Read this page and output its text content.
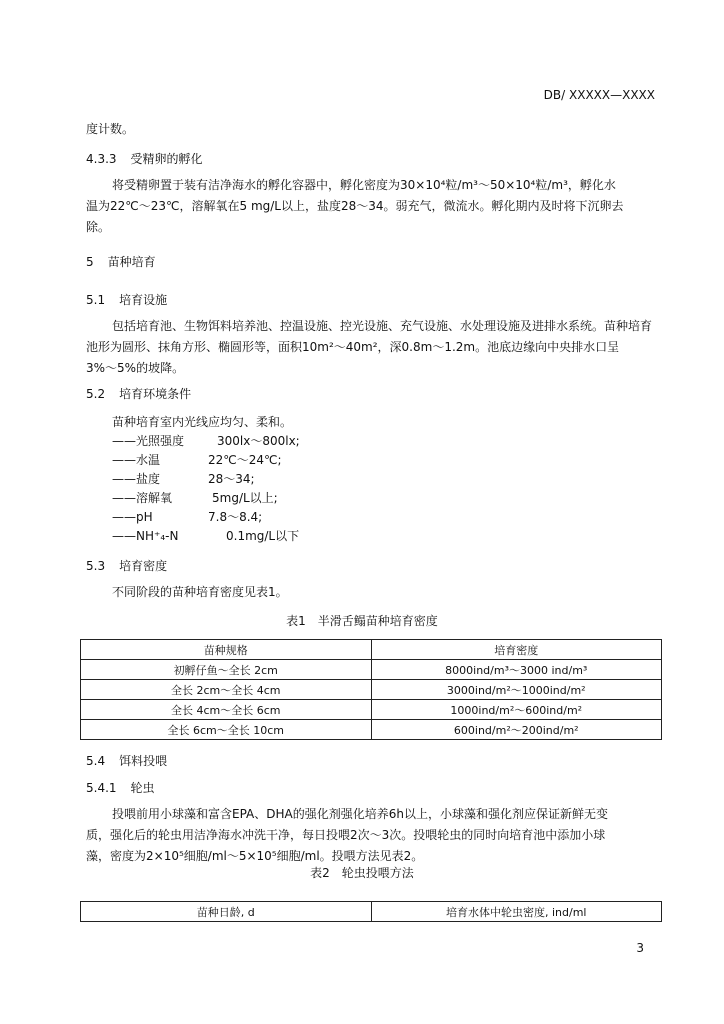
DB/ XXXXX—XXXX
度计数。
4.3.3 受精卵的孵化
将受精卵置于装有洁净海水的孵化容器中，孵化密度为30×10⁴粒/m³～50×10⁴粒/m³，孵化水
温为22℃～23℃，溶解氧在5 mg/L以上，盐度28～34。弱充气，微流水。孵化期内及时将下沉卵去
除。
5 苗种培育
5.1 培育设施
包括培育池、生物饵料培养池、控温设施、控光设施、充气设施、水处理设施及进排水系统。苗种培育
池形为圆形、抹角方形、椭圆形等，面积10m²～40m²，深0.8m～1.2m。池底边缘向中央排水口呈
3%～5%的坡降。
5.2 培育环境条件
苗种培育室内光线应均匀、柔和。
——光照强度	300lx～800lx;
——水温	22℃～24℃;
——盐度	28～34;
——溶解氧	5mg/L以上;
——pH	7.8～8.4;
——NH⁺₄-N	0.1mg/L以下
5.3 培育密度
不同阶段的苗种培育密度见表1。
表1　半滑舌鳎苗种培育密度
苗种规格	培育密度
初孵仔鱼～全长 2cm	8000ind/m³～3000 ind/m³
全长 2cm～全长 4cm	3000ind/m²～1000ind/m²
全长 4cm～全长 6cm	1000ind/m²～600ind/m²
全长 6cm～全长 10cm	600ind/m²～200ind/m²
5.4 饵料投喂
5.4.1 轮虫
投喂前用小球藻和富含EPA、DHA的强化剂强化培养6h以上，小球藻和强化剂应保证新鲜无变
质，强化后的轮虫用洁净海水冲洗干净，每日投喂2次～3次。投喂轮虫的同时向培育池中添加小球
藻，密度为2×10⁵细胞/ml～5×10⁵细胞/ml。投喂方法见表2。
表2　轮虫投喂方法
苗种日龄, d	培育水体中轮虫密度, ind/ml
3
